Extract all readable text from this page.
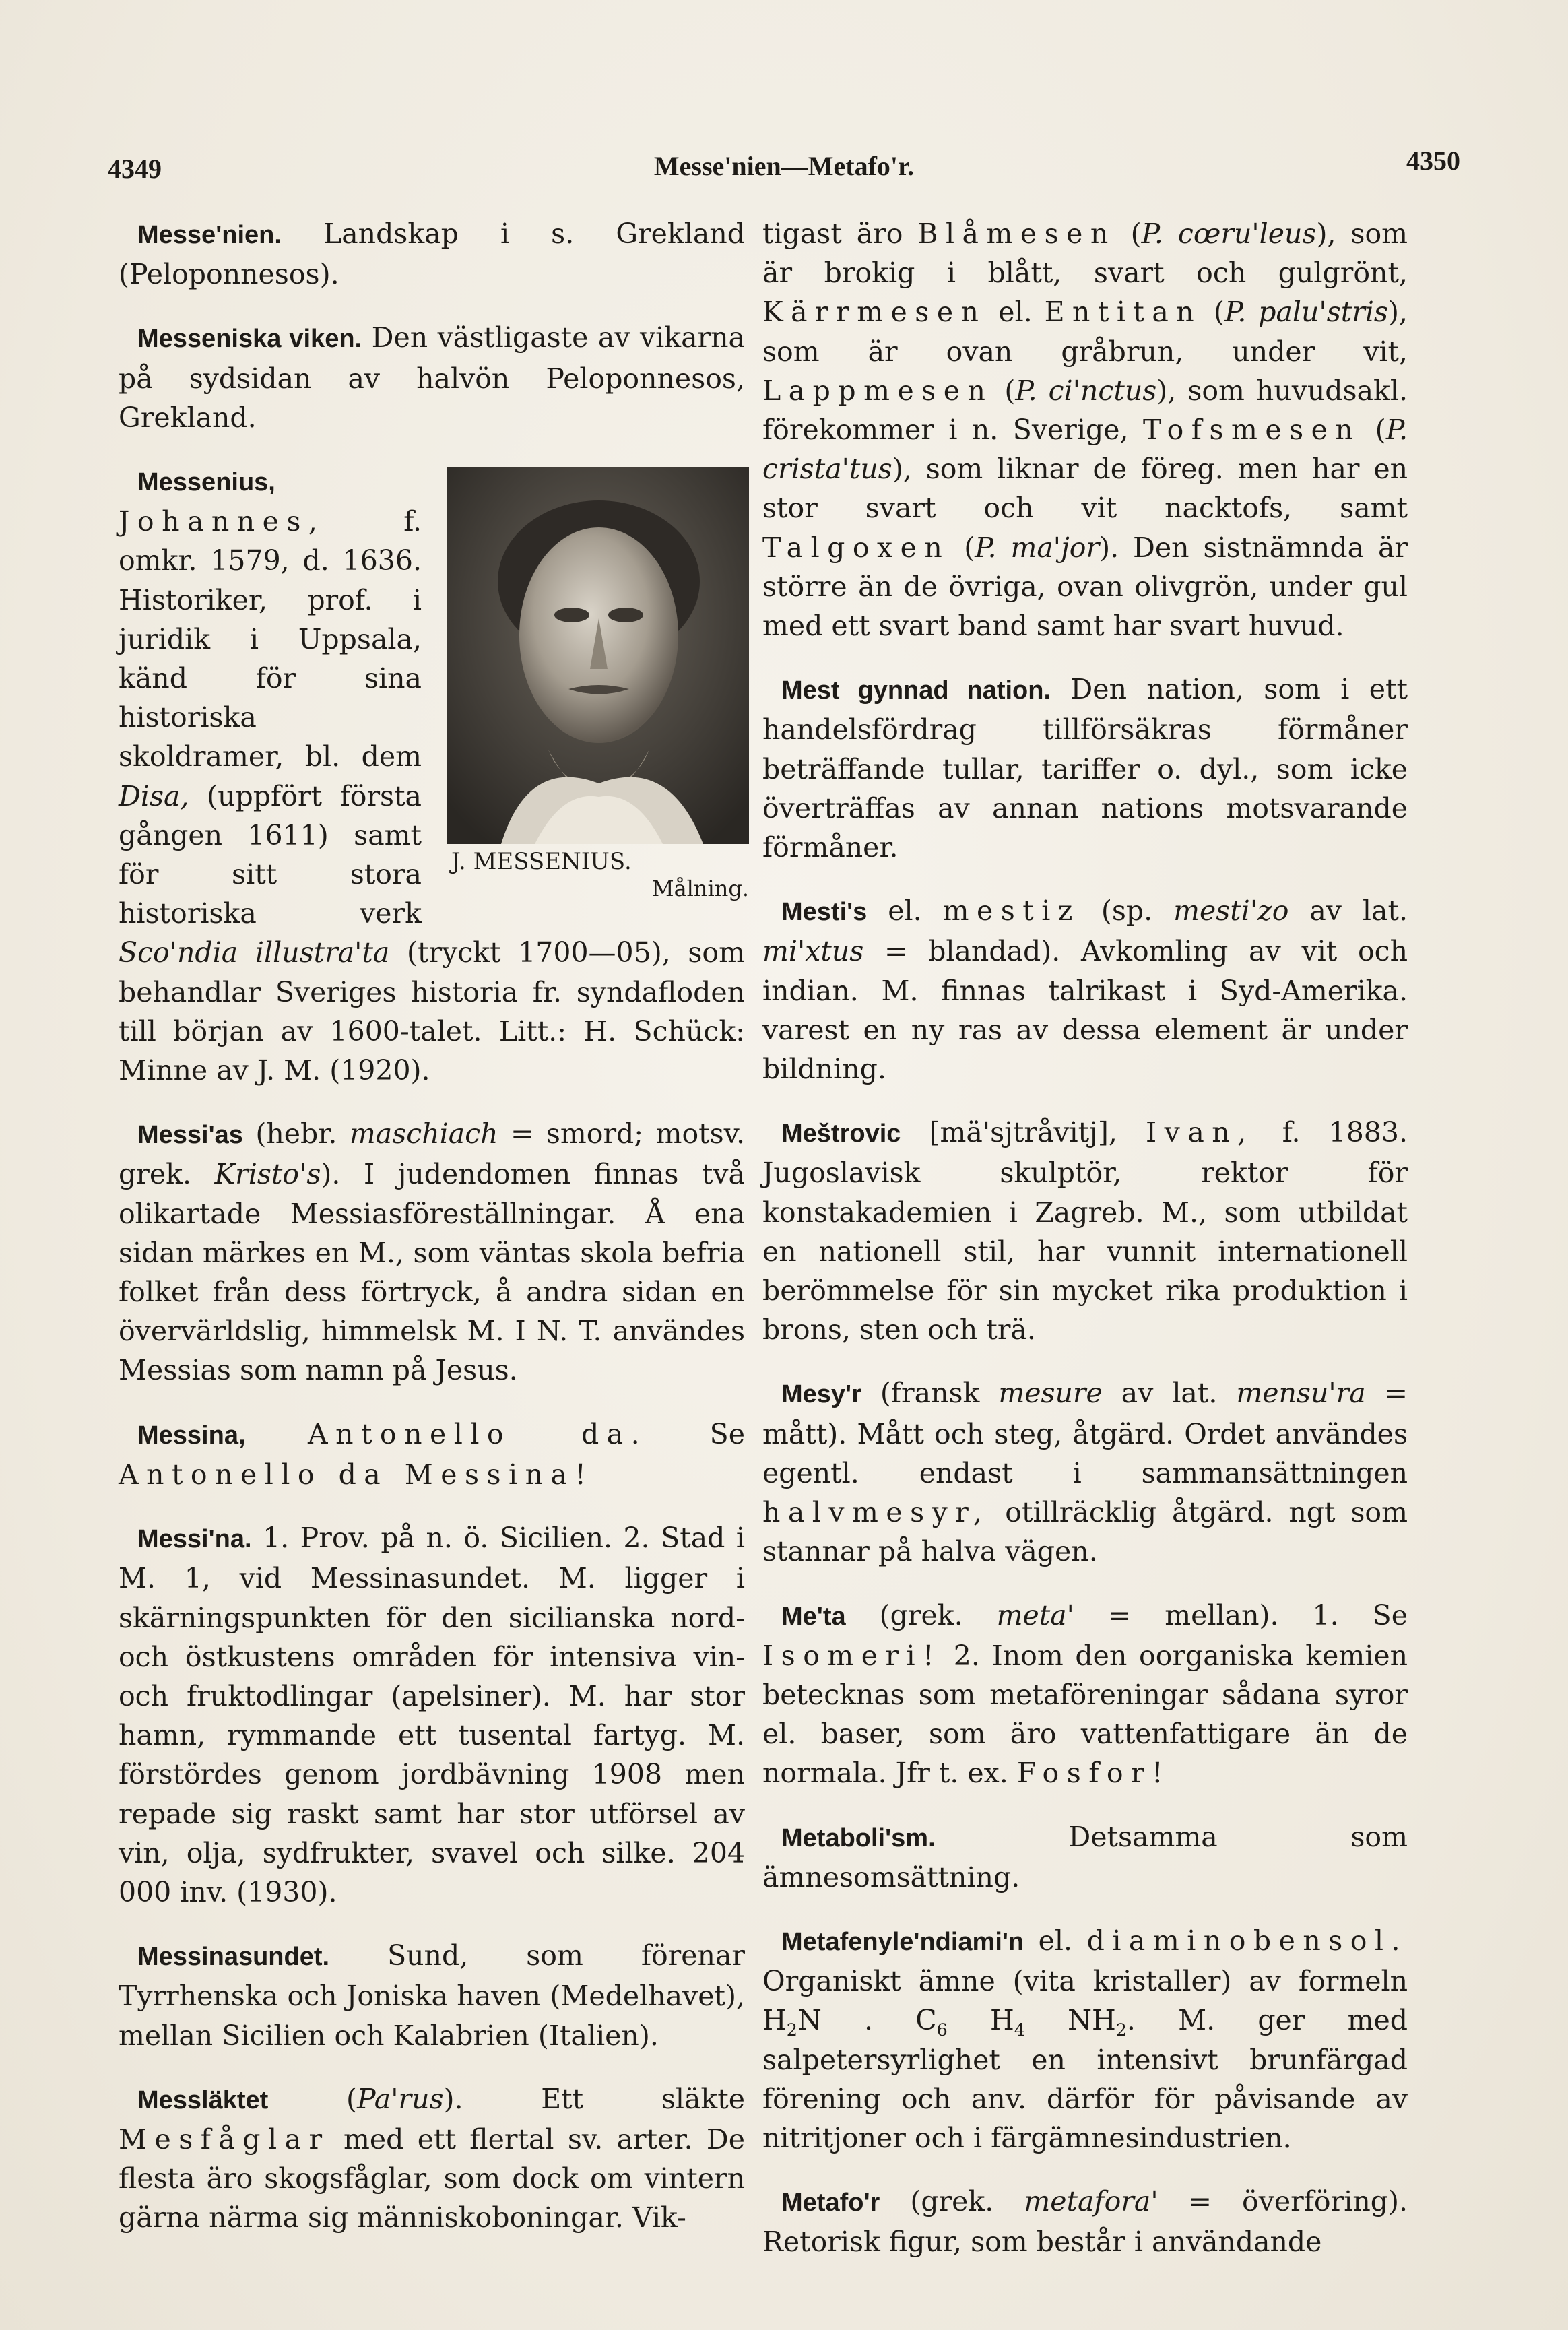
4349	Messe'nien—Metafo'r.	4350

Messe'nien. Landskap i s. Grekland (Peloponnesos).

Messeniska viken. Den västligaste av vikarna på sydsidan av halvön Peloponnesos, Grekland.

J. MESSENIUS.
Målning.
Messenius, Johannes, f. omkr. 1579, d. 1636. Historiker, prof. i juridik i Uppsala, känd för sina historiska skoldramer, bl. dem Disa, (uppfört första gången 1611) samt för sitt stora historiska verk Sco'ndia illustra'ta (tryckt 1700—05), som behandlar Sveriges historia fr. syndafloden till början av 1600-talet. Litt.: H. Schück: Minne av J. M. (1920).

Messi'as (hebr. maschiach = smord; motsv. grek. Kristo's). I judendomen finnas två olikartade Messiasföreställningar. Å ena sidan märkes en M., som väntas skola befria folket från dess förtryck, å andra sidan en övervärldslig, himmelsk M. I N. T. användes Messias som namn på Jesus.

Messina, Antonello da. Se Antonello da Messina!

Messi'na. 1. Prov. på n. ö. Sicilien. 2. Stad i M. 1, vid Messinasundet. M. ligger i skärningspunkten för den sicilianska nord- och östkustens områden för intensiva vin- och fruktodlingar (apelsiner). M. har stor hamn, rymmande ett tusental fartyg. M. förstördes genom jordbävning 1908 men repade sig raskt samt har stor utförsel av vin, olja, sydfrukter, svavel och silke. 204 000 inv. (1930).

Messinasundet. Sund, som förenar Tyrrhenska och Joniska haven (Medelhavet), mellan Sicilien och Kalabrien (Italien).

Messläktet (Pa'rus). Ett släkte Mesfåglar med ett flertal sv. arter. De flesta äro skogsfåglar, som dock om vintern gärna närma sig människoboningar. Vik-

tigast äro Blåmesen (P. cœru'leus), som är brokig i blått, svart och gulgrönt, Kärrmesen el. Entitan (P. palu'stris), som är ovan gråbrun, under vit, Lappmesen (P. ci'nctus), som huvudsakl. förekommer i n. Sverige, Tofsmesen (P. crista'tus), som liknar de föreg. men har en stor svart och vit nacktofs, samt Talgoxen (P. ma'jor). Den sistnämnda är större än de övriga, ovan olivgrön, under gul med ett svart band samt har svart huvud.

Mest gynnad nation. Den nation, som i ett handelsfördrag tillförsäkras förmåner beträffande tullar, tariffer o. dyl., som icke överträffas av annan nations motsvarande förmåner.

Mesti's el. mestiz (sp. mesti'zo av lat. mi'xtus = blandad). Avkomling av vit och indian. M. finnas talrikast i Syd-Amerika. varest en ny ras av dessa element är under bildning.

Meštrovic [mä'sjtråvitj], Ivan, f. 1883. Jugoslavisk skulptör, rektor för konstakademien i Zagreb. M., som utbildat en nationell stil, har vunnit internationell berömmelse för sin mycket rika produktion i brons, sten och trä.

Mesy'r (fransk mesure av lat. mensu'ra = mått). Mått och steg, åtgärd. Ordet användes egentl. endast i sammansättningen halvmesyr, otillräcklig åtgärd. ngt som stannar på halva vägen.

Me'ta (grek. meta' = mellan). 1. Se Isomeri! 2. Inom den oorganiska kemien betecknas som metaföreningar sådana syror el. baser, som äro vattenfattigare än de normala. Jfr t. ex. Fosfor!

Metaboli'sm. Detsamma som ämnesomsättning.

Metafenyle'ndiami'n el. diaminobensol. Organiskt ämne (vita kristaller) av formeln $H_2N$ . $C_6$ $H_4$ $NH_2$. M. ger med salpetersyrlighet en intensivt brunfärgad förening och anv. därför för påvisande av nitritjoner och i färgämnesindustrien.

Metafo'r (grek. metafora' = överföring). Retorisk figur, som består i användande
